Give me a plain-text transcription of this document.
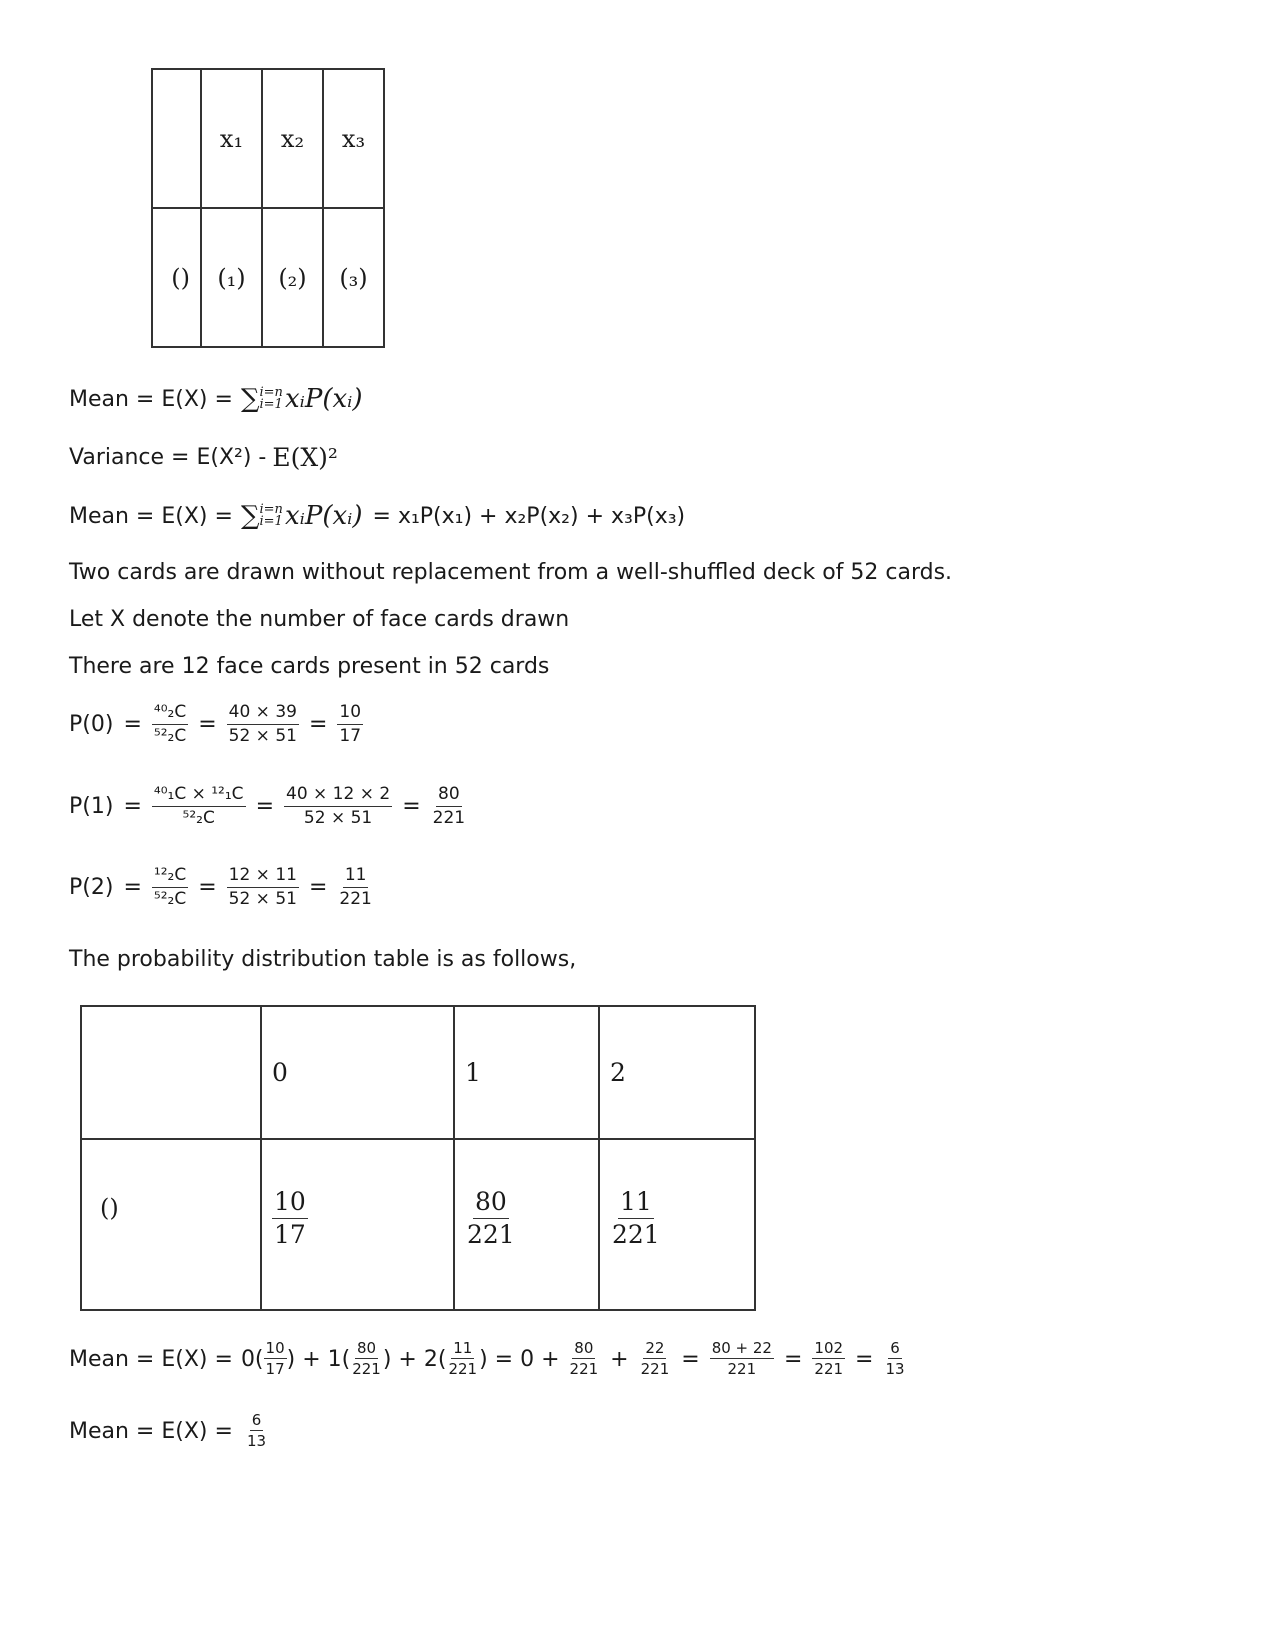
	x₁	x₂	x₃
()	(₁)	(₂)	(₃)
Mean = E(X) = ∑ i=n
i=1 xᵢP(xᵢ)
Variance = E(X²) - E(X)²
Mean = E(X) = ∑ i=n
i=1 xᵢP(xᵢ) = x₁P(x₁) + x₂P(x₂) + x₃P(x₃)
Two cards are drawn without replacement from a well-shuffled deck of 52 cards.
Let X denote the number of face cards drawn
There are 12 face cards present in 52 cards
$P(0) = \frac{\text{⁴⁰₂C}}{\text{⁵²₂C}} = \frac{40 \times 39}{52 \times 51} = \frac{10}{17}$
$P(1) = \frac{\text{⁴⁰₁C × ¹²₁C}}{\text{⁵²₂C}} = \frac{40 \times 12 \times 2}{52 \times 51} = \frac{80}{221}$
$P(2) = \frac{\text{¹²₂C}}{\text{⁵²₂C}} = \frac{12 \times 11}{52 \times 51} = \frac{11}{221}$
The probability distribution table is as follows,
	0	1	2
()	$\frac{10}{17}$	$\frac{80}{221}$	$\frac{11}{221}$
Mean = $E(X) = 0( \frac{10}{17}$ ) + $1( \frac{80}{221}$ ) + $2( \frac{11}{221}$ ) = $0 + \frac{80}{221} + \frac{22}{221} = \frac{80 + 22}{221} = \frac{102}{221} = \frac{6}{13}$
Mean = $E(X) = \frac{6}{13}$
